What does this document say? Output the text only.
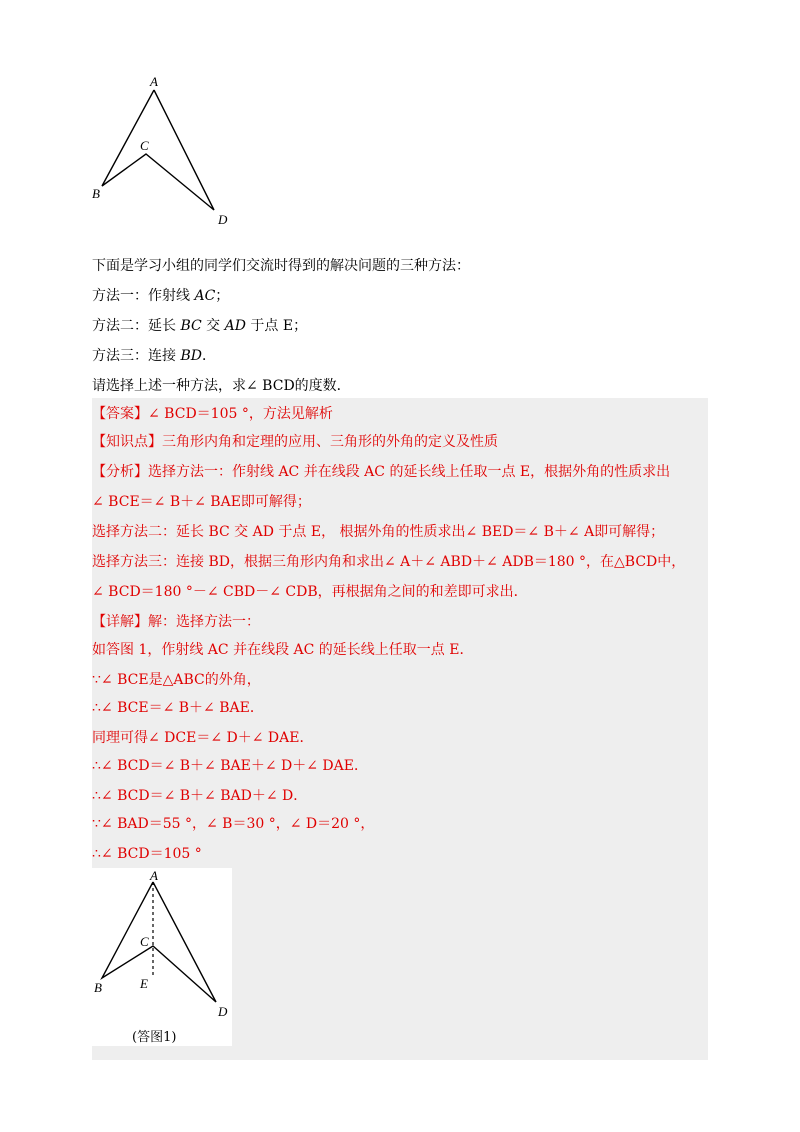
A
C
B
D
下面是学习小组的同学们交流时得到的解决问题的三种方法：
方法一：作射线 AC；
方法二：延长 BC 交 AD 于点 E；
方法三：连接 BD．
请选择上述一种方法，求∠ BCD的度数．
【答案】∠ BCD＝105 °，方法见解析
【知识点】三角形内角和定理的应用、三角形的外角的定义及性质
【分析】选择方法一：作射线 AC 并在线段 AC 的延长线上任取一点 E，根据外角的性质求出
∠ BCE＝∠ B＋∠ BAE即可解得；
选择方法二：延长 BC 交 AD 于点 E， 根据外角的性质求出∠ BED＝∠ B＋∠ A即可解得；
选择方法三：连接 BD，根据三角形内角和求出∠ A＋∠ ABD＋∠ ADB＝180 °，在△BCD中，
∠ BCD＝180 °－∠ CBD－∠ CDB，再根据角之间的和差即可求出．
【详解】解：选择方法一：
如答图 1，作射线 AC 并在线段 AC 的延长线上任取一点 E．
∵∠ BCE是△ABC的外角，
∴∠ BCE＝∠ B＋∠ BAE．
同理可得∠ DCE＝∠ D＋∠ DAE．
∴∠ BCD＝∠ B＋∠ BAE＋∠ D＋∠ DAE．
∴∠ BCD＝∠ B＋∠ BAD＋∠ D．
∵∠ BAD＝55 °，∠ B＝30 °，∠ D＝20 °，
∴∠ BCD＝105 °
A
C
E
B
D
(答图1)
